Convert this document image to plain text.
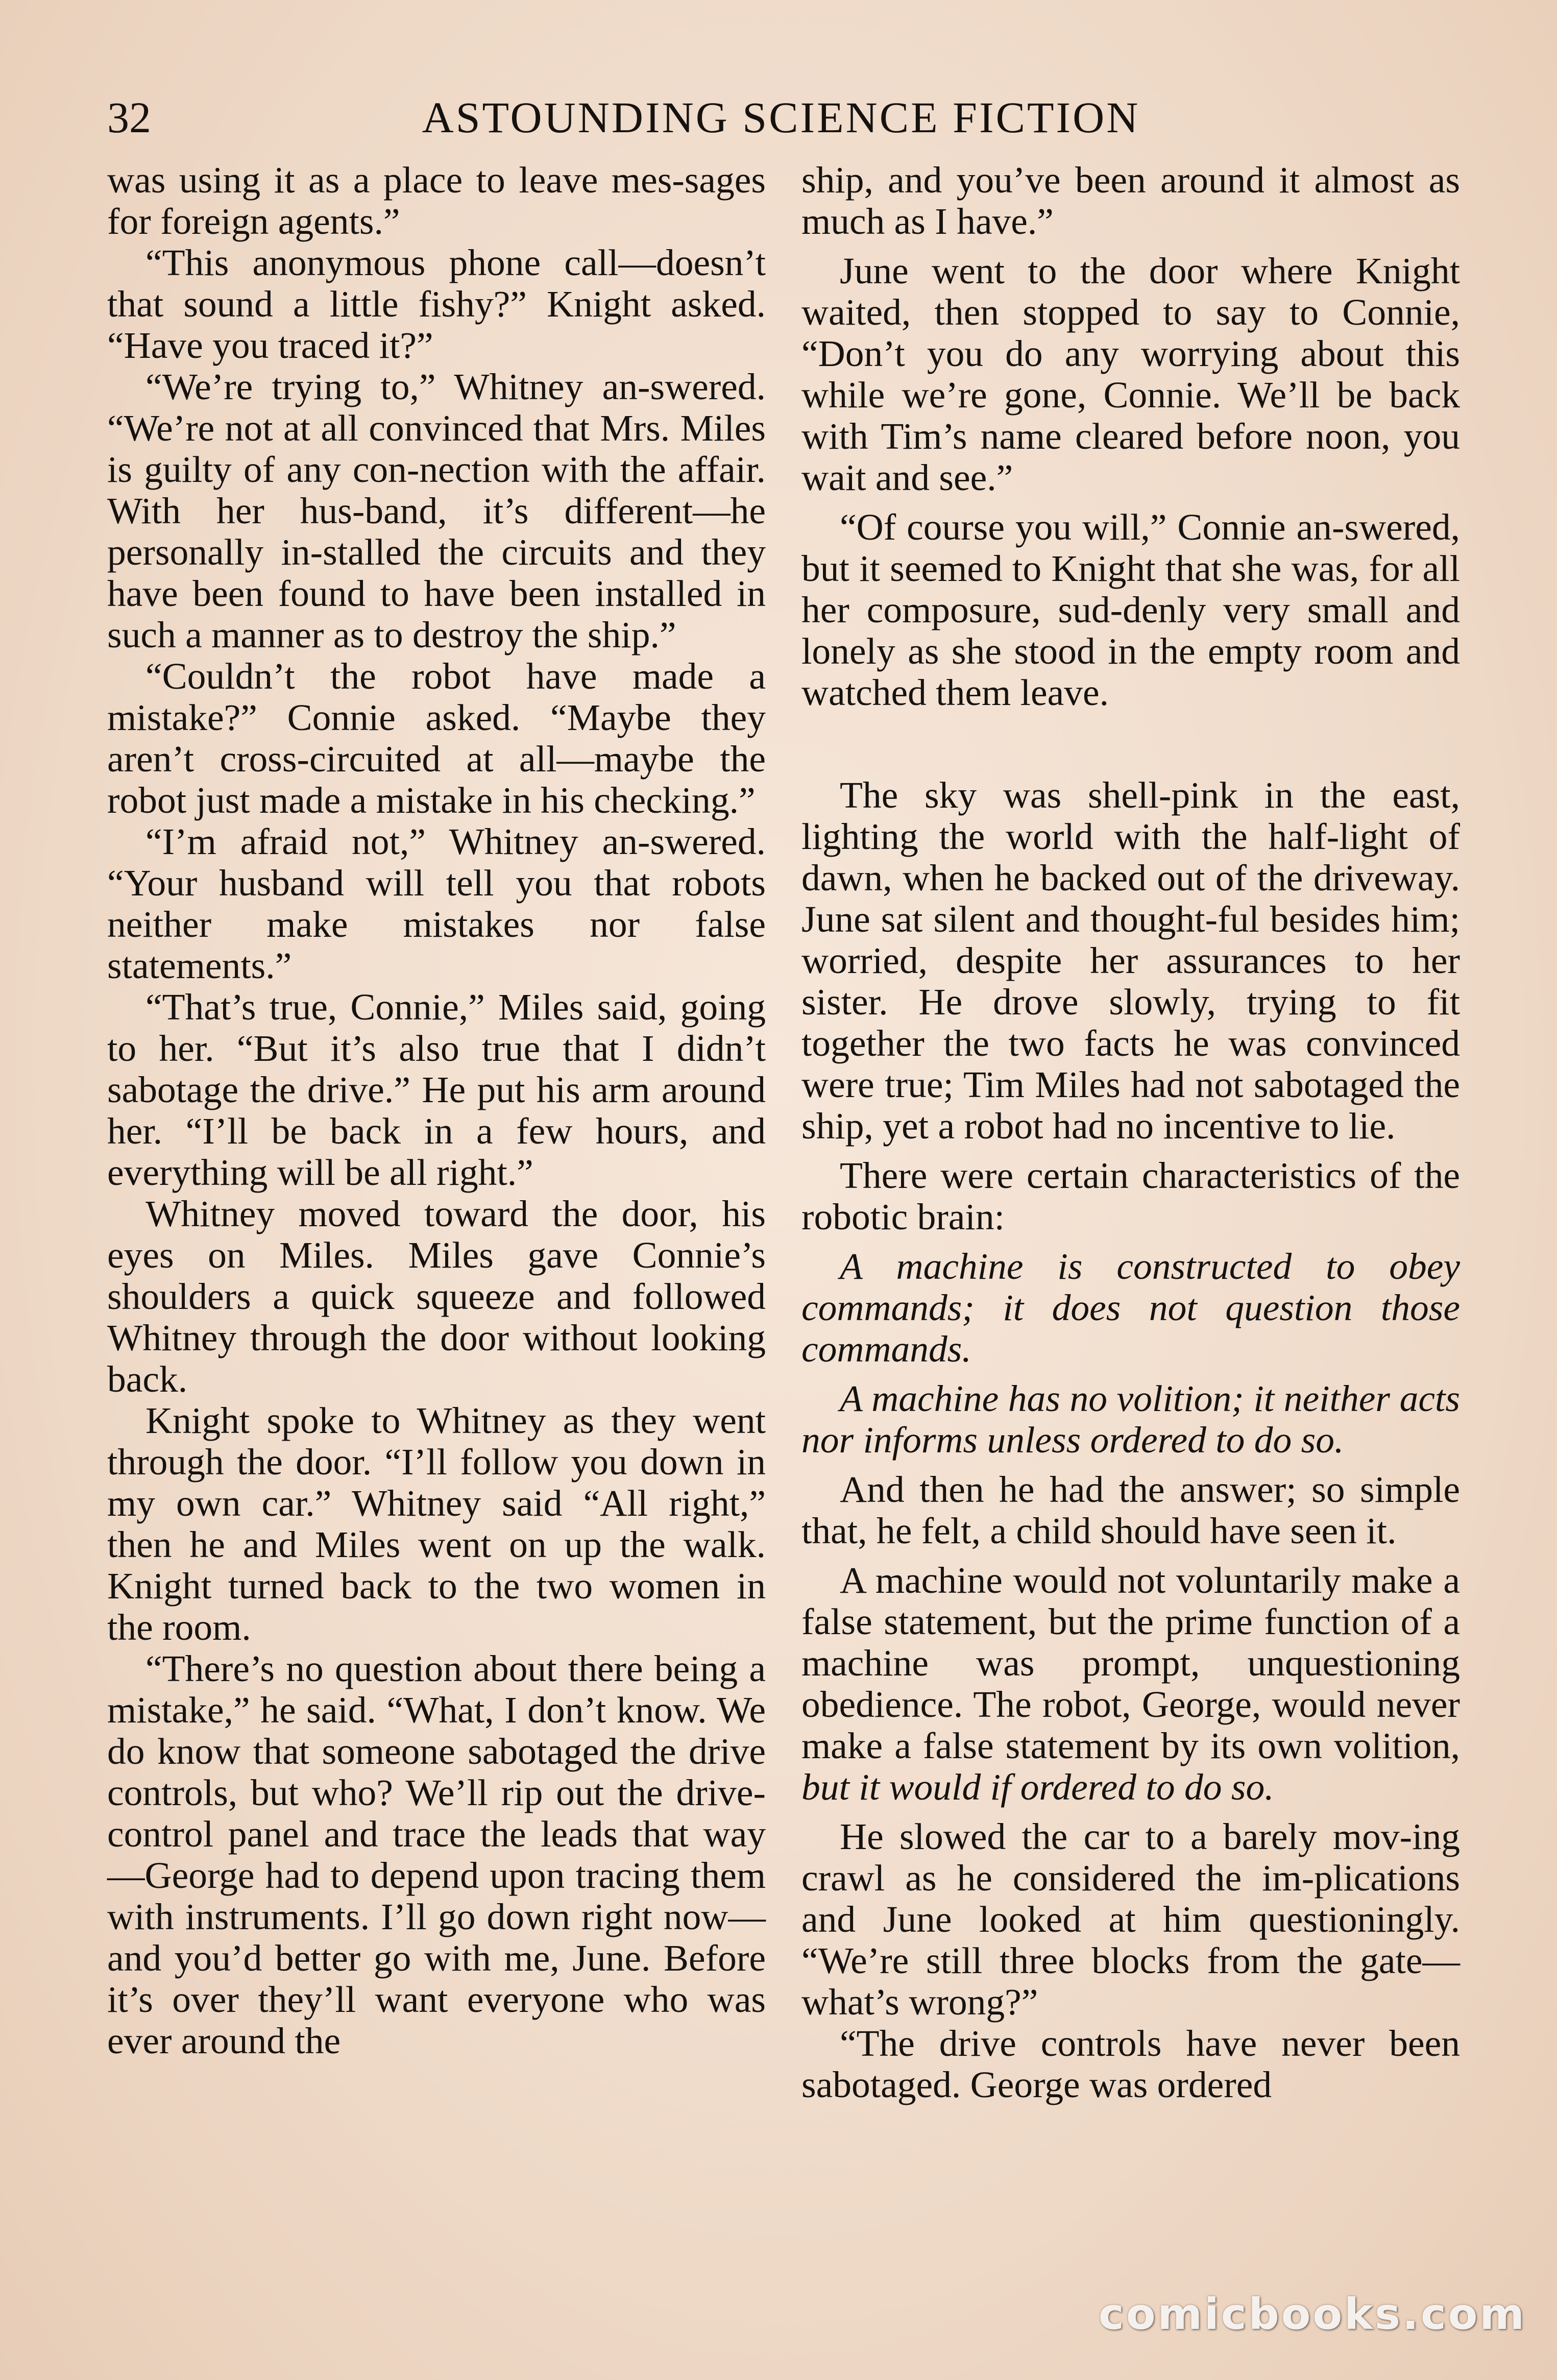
32	ASTOUNDING SCIENCE FICTION

was using it as a place to leave mes-sages for foreign agents.”

“This anonymous phone call—doesn’t that sound a little fishy?” Knight asked. “Have you traced it?”

“We’re trying to,” Whitney an-swered. “We’re not at all convinced that Mrs. Miles is guilty of any con-nection with the affair. With her hus-band, it’s different—he personally in-stalled the circuits and they have been found to have been installed in such a manner as to destroy the ship.”

“Couldn’t the robot have made a mistake?” Connie asked. “Maybe they aren’t cross-circuited at all—maybe the robot just made a mistake in his checking.”

“I’m afraid not,” Whitney an-swered. “Your husband will tell you that robots neither make mistakes nor false statements.”

“That’s true, Connie,” Miles said, going to her. “But it’s also true that I didn’t sabotage the drive.” He put his arm around her. “I’ll be back in a few hours, and everything will be all right.”

Whitney moved toward the door, his eyes on Miles. Miles gave Connie’s shoulders a quick squeeze and followed Whitney through the door without looking back.

Knight spoke to Whitney as they went through the door. “I’ll follow you down in my own car.” Whitney said “All right,” then he and Miles went on up the walk. Knight turned back to the two women in the room.

“There’s no question about there being a mistake,” he said. “What, I don’t know. We do know that someone sabotaged the drive controls, but who? We’ll rip out the drive-control panel and trace the leads that way—George had to depend upon tracing them with instruments. I’ll go down right now—and you’d better go with me, June. Before it’s over they’ll want everyone who was ever around the

ship, and you’ve been around it almost as much as I have.”

June went to the door where Knight waited, then stopped to say to Connie, “Don’t you do any worrying about this while we’re gone, Connie. We’ll be back with Tim’s name cleared before noon, you wait and see.”

“Of course you will,” Connie an-swered, but it seemed to Knight that she was, for all her composure, sud-denly very small and lonely as she stood in the empty room and watched them leave.

The sky was shell-pink in the east, lighting the world with the half-light of dawn, when he backed out of the driveway. June sat silent and thought-ful besides him; worried, despite her assurances to her sister. He drove slowly, trying to fit together the two facts he was convinced were true; Tim Miles had not sabotaged the ship, yet a robot had no incentive to lie.

There were certain characteristics of the robotic brain:

A machine is constructed to obey commands; it does not question those commands.

A machine has no volition; it neither acts nor informs unless ordered to do so.

And then he had the answer; so simple that, he felt, a child should have seen it.

A machine would not voluntarily make a false statement, but the prime function of a machine was prompt, unquestioning obedience. The robot, George, would never make a false statement by its own volition, but it would if ordered to do so.

He slowed the car to a barely mov-ing crawl as he considered the im-plications and June looked at him questioningly. “We’re still three blocks from the gate—what’s wrong?”

“The drive controls have never been sabotaged. George was ordered

comicbooks.com
